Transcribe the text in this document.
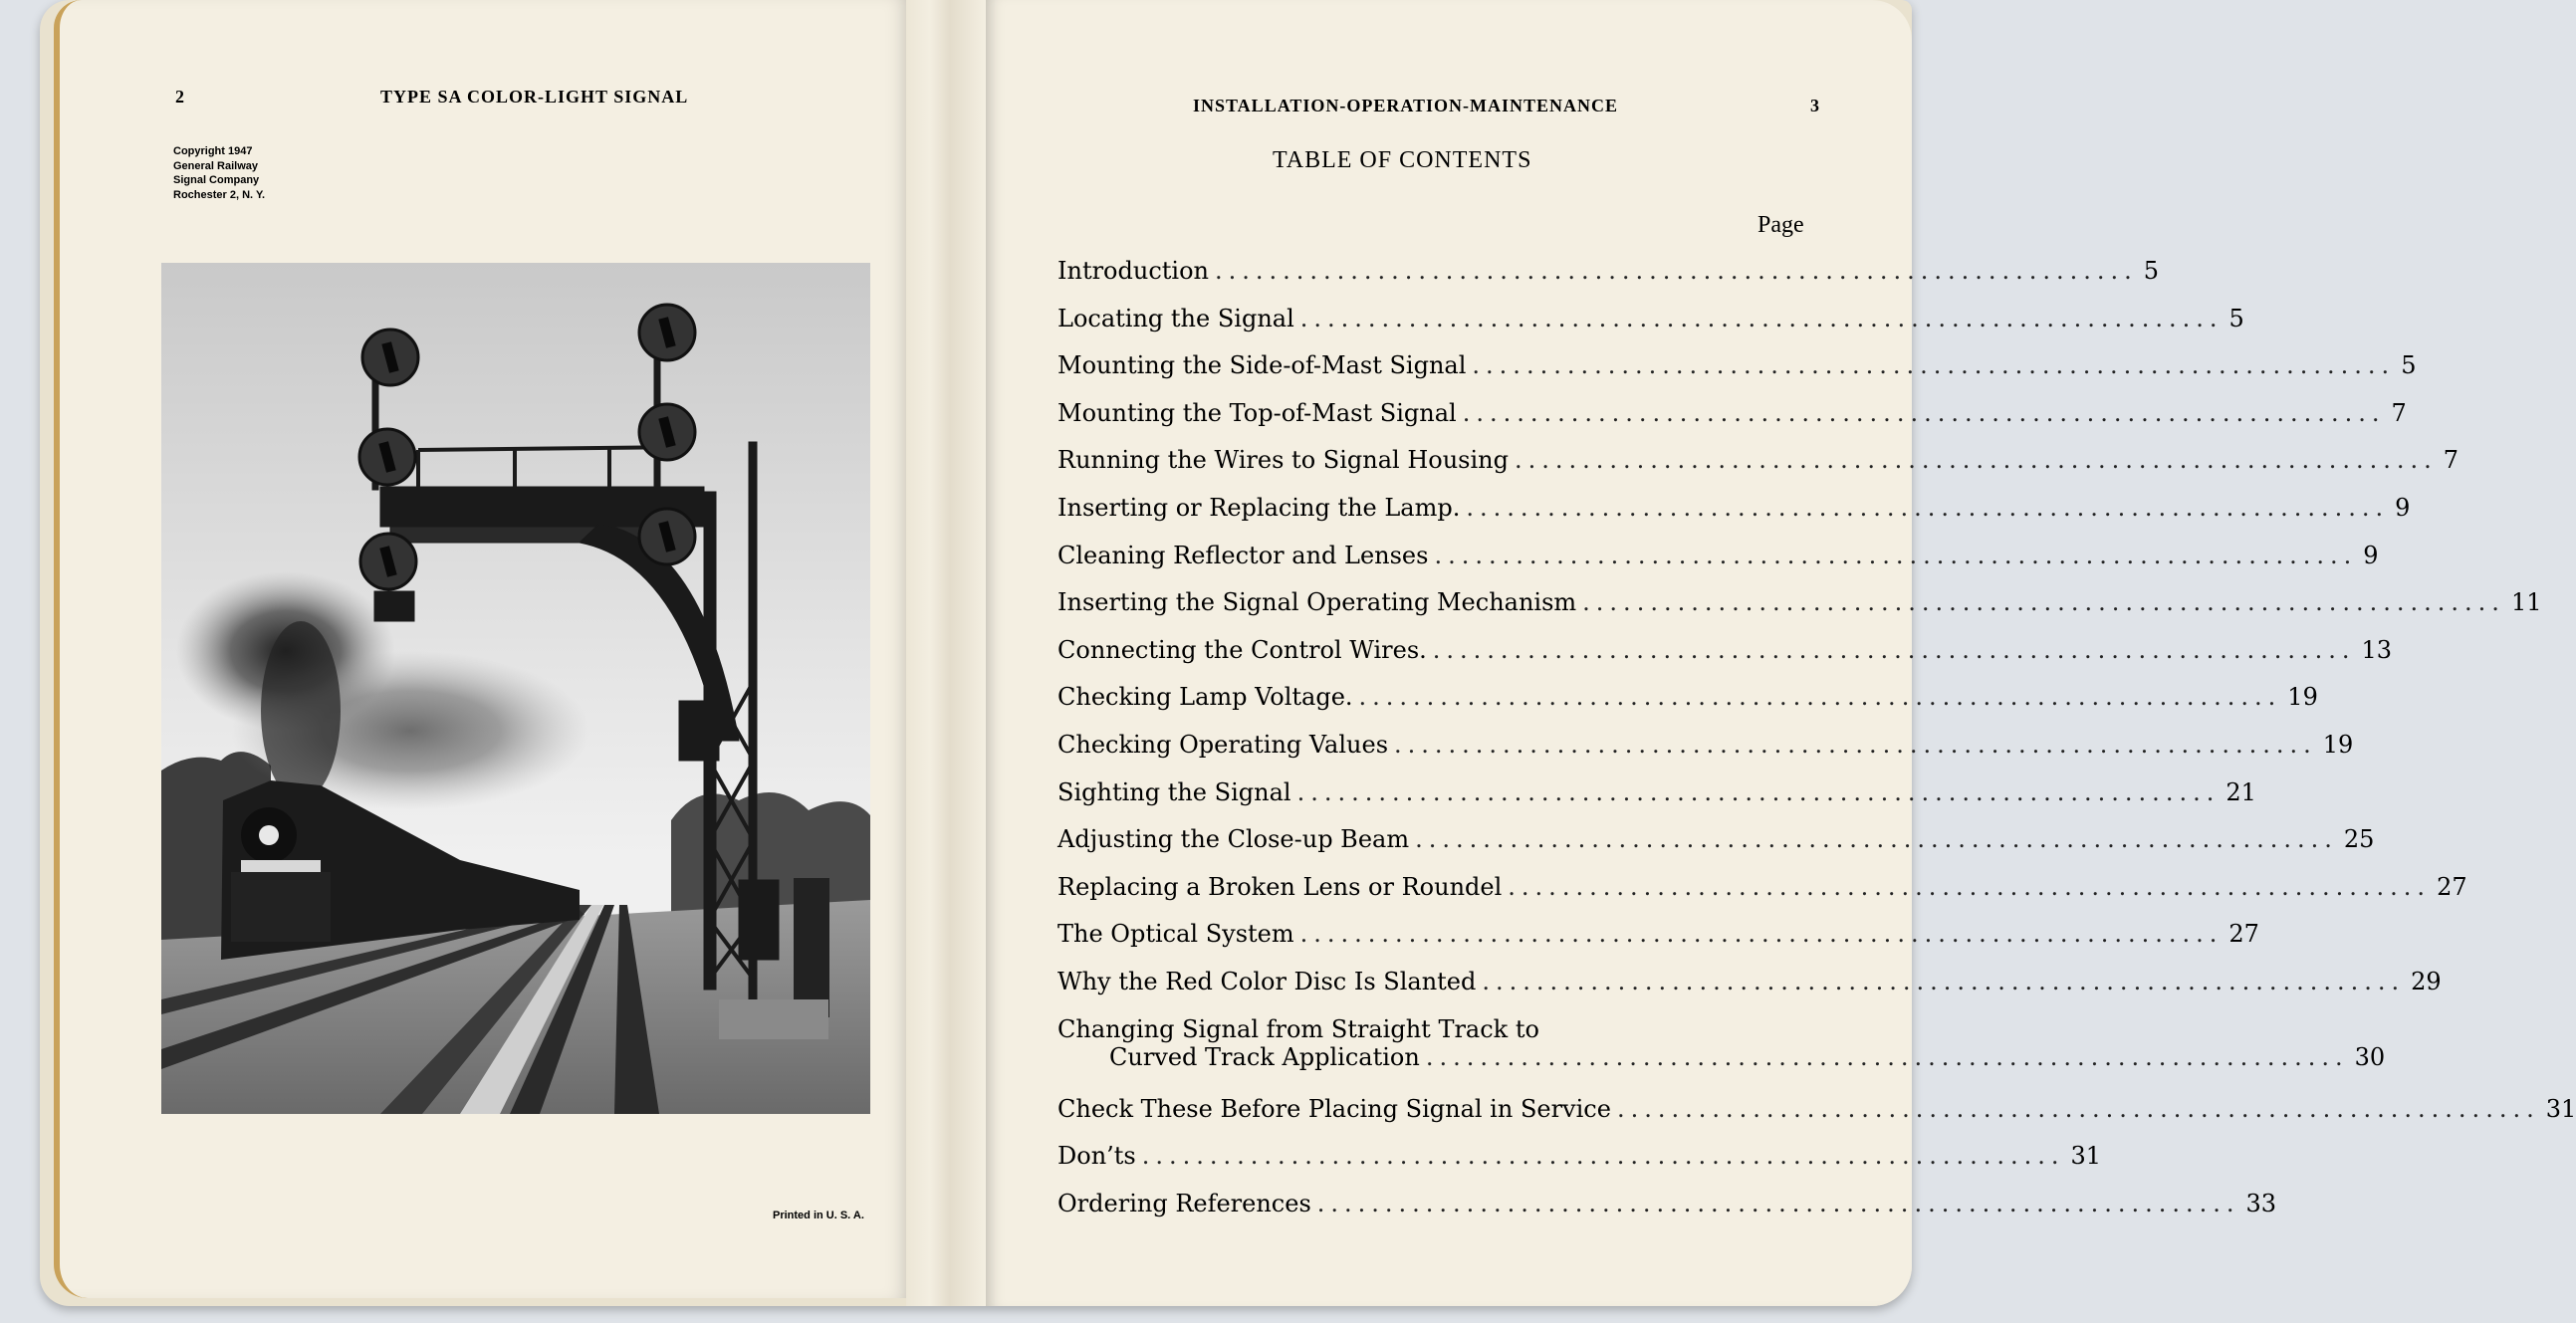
2	TYPE SA COLOR-LIGHT SIGNAL
Copyright 1947
General Railway
Signal Company
Rochester 2, N. Y.
Printed in U. S. A.
INSTALLATION-OPERATION-MAINTENANCE	3
TABLE OF CONTENTS
Page
Introduction .................................................................... 5
Locating the Signal .................................................................... 5
Mounting the Side-of-Mast Signal .................................................................... 5
Mounting the Top-of-Mast Signal .................................................................... 7
Running the Wires to Signal Housing .................................................................... 7
Inserting or Replacing the Lamp. .................................................................... 9
Cleaning Reflector and Lenses .................................................................... 9
Inserting the Signal Operating Mechanism .................................................................... 11
Connecting the Control Wires. .................................................................... 13
Checking Lamp Voltage. .................................................................... 19
Checking Operating Values .................................................................... 19
Sighting the Signal .................................................................... 21
Adjusting the Close-up Beam .................................................................... 25
Replacing a Broken Lens or Roundel .................................................................... 27
The Optical System .................................................................... 27
Why the Red Color Disc Is Slanted .................................................................... 29
Changing Signal from Straight Track to
Curved Track Application .................................................................... 30
Check These Before Placing Signal in Service .................................................................... 31
Don’ts .................................................................... 31
Ordering References .................................................................... 33
